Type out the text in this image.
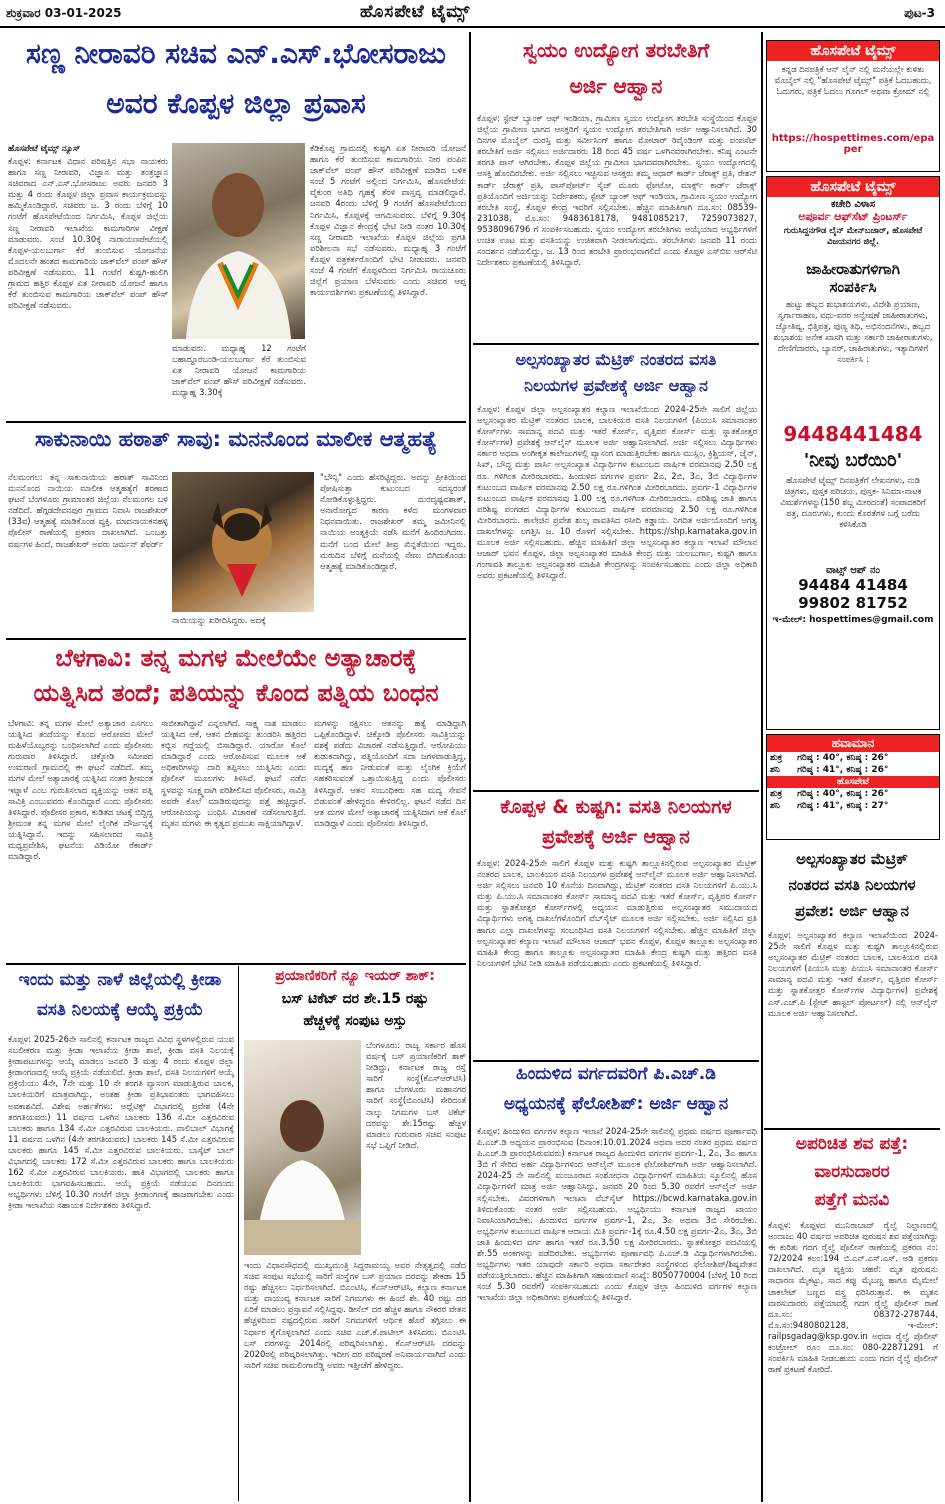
ಶುಕ್ರವಾರ 03-01-2025	ಹೊಸಪೇಟೆ ಟೈಮ್ಸ್	ಪುಟ-3
ಸಣ್ಣ ನೀರಾವರಿ ಸಚಿವ ಎನ್.ಎಸ್.ಭೋಸರಾಜು
ಅವರ ಕೊಪ್ಪಳ ಜಿಲ್ಲಾ ಪ್ರವಾಸ
ಹೊಸಪೇಟೆ ಟೈಮ್ಸ್ ನ್ಯೂಸ್
ಕೊಪ್ಪಳ: ಕರ್ನಾಟಕ ವಿಧಾನ ಪರಿಷತ್ತಿನ ಸಭಾ ನಾಯಕರು ಹಾಗೂ ಸಣ್ಣ ನೀರಾವರಿ, ವಿಜ್ಞಾನ ಮತ್ತು ತಂತ್ರಜ್ಞಾನ ಸಚಿವರಾದ ಎನ್.ಎಸ್.ಭೋಸರಾಜು ಅವರು ಜನವರಿ 3 ಮತ್ತು 4 ರಂದು ಕೊಪ್ಪಳ ಜಿಲ್ಲಾ ಪ್ರವಾಸ ಕಾರ್ಯಕ್ರಮವನ್ನು ಹಮ್ಮಿಕೊಂಡಿದ್ದಾರೆ. ಸಚಿವರು ಜ. 3 ರಂದು ಬೆಳಿಗ್ಗೆ 10 ಗಂಟೆಗೆ ಹೊಸಪೇಟೆಯಿಂದ ನಿರ್ಗಮಿಸಿ, ಕೊಪ್ಪಳ ಜಿಲ್ಲೆಯ ಸಣ್ಣ ನೀರಾವರಿ ಇಲಾಖೆಯ ಕಾಮಗಾರಿಗಳ ವೀಕ್ಷಣೆ ಮಾಡುವರು. ಸಂಜೆ 10.30ಕ್ಕೆ ನಾರಾಯಣಪೇಟೆಯಲ್ಲಿ ಕೊಪ್ಪಳ-ಯಲಬುರ್ಗಾ ಕೆರೆ ತುಂಬಿಸುವ ಯೋಜನೆಯ ಮೊದಲನೇ ಹಂತದ ಕಾಮಗಾರಿಯ ಜಾಕ್‌ವೆಲ್ ಪಂಪ್ ಹೌಸ್ ಪರಿವೀಕ್ಷಣೆ ನಡೆಸುವರು. 11 ಗಂಟೆಗೆ ಕುಷ್ಟಗಿ-ಹುಲಿಗಿ ಗ್ರಾಮದ ಹತ್ತಿರ ಕೊಪ್ಪಳ ಏತ ನೀರಾವರಿ ಯೋಜನೆ ಹಾಗೂ ಕೆರೆ ತುಂಬಿಸುವ ಕಾಮಗಾರಿಯ ಜಾಕ್‌ವೆಲ್ ಪಂಪ್ ಹೌಸ್ ಪರಿವೀಕ್ಷಣೆ ನಡೆಸುವರು.
ಮಾಡುವರು. ಮಧ್ಯಾಹ್ನ 12 ಗಂಟೆಗೆ ಬಹಾದ್ದೂರಬಂಡಿ-ಯಲಬುರ್ಗಾ ಕೆರೆ ತುಂಬಿಸುವ ಏತ ನೀರಾವರಿ ಯೋಜನೆ ಕಾಮಗಾರಿಯ ಜಾಕ್‌ವೆಲ್ ಪಂಪ್ ಹೌಸ್ ಪರಿವೀಕ್ಷಣೆ ನಡೆಸುವರು. ಮಧ್ಯಾಹ್ನ 3.30ಕ್ಕೆ
ಕೆಡಿಕೊಪ್ಪ ಗ್ರಾಮದಲ್ಲಿ ಕುಷ್ಟಗಿ ಏತ ನೀರಾವರಿ ಯೋಜನೆ ಹಾಗೂ ಕೆರೆ ತುಂಬಿಸುವ ಕಾಮಗಾರಿಯ ನೀರ ಪಂಪಿನ ಜಾಕ್‌ವೆಲ್ ಪಂಪ್ ಹೌಸ್ ಪರಿವೀಕ್ಷಣೆ ಮಾಡಿದ ಬಳಿಕ ಸಂಜೆ 5 ಗಂಟೆಗೆ ಅಲ್ಲಿಂದ ನಿರ್ಗಮಿಸಿ, ಹೊಸಪೇಟೆಯ ವೈಕುಂಠ ಅತಿಥಿ ಗೃಹಕ್ಕೆ ತೆರಳಿ ವಾಸ್ತವ್ಯ ಮಾಡಲಿದ್ದಾರೆ. ಜನವರಿ 4ರಂದು ಬೆಳಿಗ್ಗೆ 9 ಗಂಟೆಗೆ ಹೊಸಪೇಟೆಯಿಂದ ನಿರ್ಗಮಿಸಿ, ಕೊಪ್ಪಳಕ್ಕೆ ಆಗಮಿಸುವರು. ಬೆಳಿಗ್ಗೆ 9.30ಕ್ಕೆ ಕೊಪ್ಪಳ ವಿಜ್ಞಾನ ಕೇಂದ್ರಕ್ಕೆ ಭೇಟಿ ನೀಡಿ ನಂತರ 10.30ಕ್ಕೆ ಸಣ್ಣ ನೀರಾವರಿ ಇಲಾಖೆಯ ಕೊಪ್ಪಳ ಜಿಲ್ಲೆಯ ಪ್ರಗತಿ ಪರಿಶೀಲನಾ ಸಭೆ ನಡೆಸುವರು. ಮಧ್ಯಾಹ್ನ 3 ಗಂಟೆಗೆ ಕೊಪ್ಪಳ ಪತ್ರಕರ್ತರೊಂದಿಗೆ ಭೇಟಿ ನೀಡುವರು. ಜನವರಿ ಸಂಜೆ 4 ಗಂಟೆಗೆ ಕೊಪ್ಪಳದಿಂದ ನಿರ್ಗಮಿಸಿ ರಾಯಚೂರು ಜಿಲ್ಲೆಗೆ ಪ್ರಯಾಣ ಬೆಳೆಸುವರು ಎಂದು ಸಚಿವರ ಆಪ್ತ ಕಾರ್ಯದರ್ಶಿಗಳು ಪ್ರಕಟಣೆಯಲ್ಲಿ ತಿಳಿಸಿದ್ದಾರೆ.
ಸಾಕುನಾಯಿ ಹಠಾತ್ ಸಾವು: ಮನನೊಂದ ಮಾಲೀಕ ಆತ್ಮಹತ್ಯೆ
ನೆಲಮಂಗಲ: ತನ್ನ ಸಾಕುನಾಯಿಯ ಹಠಾತ್ ಸಾವಿನಿಂದ ಮನನೊಂದ ನಾಯಿಯ ಮಾಲೀಕ ಆತ್ಮಹತ್ಯೆಗೆ ಶರಣಾದ ಘಟನೆ ಬೆಂಗಳೂರು ಗ್ರಾಮಾಂತರ ಜಿಲ್ಲೆಯ ನೆಲಮಂಗಲ ಬಳಿ ನಡೆದಿದೆ. ಹೆಗ್ಗಡದೇವನಪುರ ಗ್ರಾಮದ ನಿವಾಸಿ ರಾಜಶೇಖರ್ (33ವ) ಆತ್ಮಹತ್ಯೆ ಮಾಡಿಕೊಂಡ ವ್ಯಕ್ತಿ. ಮಾದನಾಯಕನಹಳ್ಳಿ ಪೊಲೀಸ್ ಠಾಣೆಯಲ್ಲಿ ಪ್ರಕರಣ ದಾಖಲಾಗಿದೆ. ಒಂಬತ್ತು ವರ್ಷಗಳ ಹಿಂದೆ, ರಾಜಶೇಖರ್ ಅವರು ಜರ್ಮನ್ ಶೆಫರ್ಡ್
ನಾಯಿಯನ್ನು ಖರೀದಿಸಿದ್ದರು. ಅದಕ್ಕೆ
"ಬೌನ್ಸಿ" ಎಂದು ಹೆಸರಿಟ್ಟಿದ್ದರು. ಅದನ್ನು ಪ್ರೀತಿಯಿಂದ ಪೋಷಿಸುತ್ತಾ ಕುಟುಂಬದ ಸದಸ್ಯರಂತೆ ನೋಡಿಕೊಳ್ಳುತ್ತಿದ್ದರು. ದುರದೃಷ್ಟವಶಾತ್, ಅನಾರೋಗ್ಯದ ಕಾರಣ ಕಳೆದ ಮಂಗಳವಾರ ನಿಧನವಾಯಿತು. ರಾಜಶೇಖರ್ ತಮ್ಮ ಜಮೀನಿನಲ್ಲಿ ನಾಯಿಯ ಅಂತ್ಯಕ್ರಿಯೆ ನಡೆಸಿ ಮನೆಗೆ ಹಿಂದಿರುಗಿದರು. ಮನೆಗೆ ಬಂದ ಮೇಲೆ ತೀವ್ರ ಖಿನ್ನತೆಯಿಂದ ಇದ್ದರು. ಮರುದಿನ ಬೆಳಿಗ್ಗೆ ಮನೆಯಲ್ಲಿ ನೇಣು ಬಿಗಿದುಕೊಂಡು ಆತ್ಮಹತ್ಯೆ ಮಾಡಿಕೊಂಡಿದ್ದಾರೆ.
ಬೆಳಗಾವಿ: ತನ್ನ ಮಗಳ ಮೇಲೆಯೇ ಅತ್ಯಾಚಾರಕ್ಕೆ
ಯತ್ನಿಸಿದ ತಂದೆ; ಪತಿಯನ್ನು ಕೊಂದ ಪತ್ನಿಯ ಬಂಧನ
ಬೆಳಗಾವಿ: ತನ್ನ ಮಗಳ ಮೇಲೆ ಅತ್ಯಾಚಾರ ಎಸಗಲು ಯತ್ನಿಸಿದ ತಂದೆಯನ್ನು ಕೊಂದ ಆರೋಪದ ಮೇಲೆ ಮಹಿಳೆಯೊಬ್ಬರನ್ನು ಬಂಧಿಸಲಾಗಿದೆ ಎಂದು ಪೊಲೀಸರು ಗುರುವಾರ ತಿಳಿಸಿದ್ದಾರೆ. ಚಿಕ್ಕೋಡಿ ಸಮೀಪದ ಉಮರಾಣಿ ಗ್ರಾಮದಲ್ಲಿ ಈ ಘಟನೆ ನಡೆದಿದೆ. ತಮ್ಮ ಮಗಳ ಮೇಲೆ ಅತ್ಯಾಚಾರಕ್ಕೆ ಯತ್ನಿಸಿದ ನಂತರ ಶ್ರೀಮಂತ ಇಟ್ನಾಳೆ ಎಂಬ ಗುರುತಿಸಲಾದ ವ್ಯಕ್ತಿಯನ್ನು ಆತನ ಪತ್ನಿ ಸಾವಿತ್ರಿ ಎಂಬುವವರು ಕೊಂದಿದ್ದಾರೆ ಎಂದು ಪೊಲೀಸರು ತಿಳಿಸಿದ್ದಾರೆ. ಪೊಲೀಸರ ಪ್ರಕಾರ, ಕುಡಿತದ ಚಟಕ್ಕೆ ಬಿದ್ದಿದ್ದ ಶ್ರೀಮಂತ ತನ್ನ ಮಗಳ ಮೇಲೆ ಲೈಂಗಿಕ ದೌರ್ಜನ್ಯಕ್ಕೆ ಯತ್ನಿಸಿದ್ದಾನೆ. ಇದನ್ನು ಸಹಿಸಲಾರದ ಸಾವಿತ್ರಿ ಮಧ್ಯಪ್ರವೇಶಿಸಿ, ಘಟನೆಯ ವಿಡಿಯೋ ರೆಕಾರ್ಡ್ ಮಾಡಿದ್ದಾರೆ.
ಸಾಬೀತಾಗಿದ್ದಾನೆ ಎನ್ನಲಾಗಿದೆ. ಸಾಕ್ಷ್ಯ ನಾಶ ಮಾಡಲು ಯತ್ನಿಸಿದ ಆಕೆ, ಆತನ ದೇಹವನ್ನು ತುಂಡರಿಸಿ ಹತ್ತಿರದ ಕಬ್ಬಿನ ಗದ್ದೆಯಲ್ಲಿ ಬಿಸಾಡಿದ್ದಾರೆ. ಯಾರೋ ಕೊಲೆ ಮಾಡಿದ್ದಾರೆ ಎಂದು ಆರೋಪಿಸುವ ಮೂಲಕ ಅಕೆ ಅಧಿಕಾರಿಗಳನ್ನು ದಾರಿ ತಪ್ಪಿಸಲು ಯತ್ನಿಸಿರು ಎಂದು ಪೊಲೀಸ್ ಮೂಲಗಳು ತಿಳಿಸಿವೆ. ಘಟನೆ ನಡೆದ ಸ್ಥಳವನ್ನು ಸೂಕ್ಷ್ಮವಾಗಿ ಪರಿಶೀಲಿಸಿದ ಪೊಲೀಸರು, ಸಾವಿತ್ರಿ ಅವರೇ ಕೊಲೆ ಮಾಡಿರುವುದನ್ನು ಪತ್ತೆ ಹಚ್ಚಿದ್ದಾರೆ. ಆರೋಪಿಯನ್ನು ಬಂಧಿಸಿ ವಿಚಾರಣೆ ನಡೆಸಲಾಗುತ್ತಿದೆ. ಮೃತನ ಮಗಳು ಈ ಕೃತ್ಯದ ಪ್ರಮುಖ ಸಾಕ್ಷಿಯಾಗಿದ್ದಾಳೆ.
ಮಗಳನ್ನು ರಕ್ಷಿಸಲು ಆತನನ್ನು ಹತ್ಯೆ ಮಾಡಿದ್ದಾಗಿ ಒಪ್ಪಿಕೊಂಡಿದ್ದಾಳೆ. ಚಿಕ್ಕೋಡಿ ಪೊಲೀಸರು ಸಾವಿತ್ರಿಯನ್ನು ವಶಕ್ಕೆ ಪಡೆದು ವಿಚಾರಣೆ ನಡೆಸುತ್ತಿದ್ದಾರೆ. ಆರೋಪಿಯು ಕುಡುಕನಾಗಿದ್ದು, ಪತ್ನಿಯೊಂದಿಗೆ ಸದಾ ಜಗಳವಾಡುತ್ತಿದ್ದ, ಮದ್ಯಕ್ಕೆ ಹಣ ನೀಡುವಂತೆ ಮತ್ತು ಲೈಂಗಿಕ ಕ್ರಿಯೆಗೆ ಸಹಕರಿಸುವಂತೆ ಒತ್ತಾಯಿಸುತ್ತಿದ್ದ ಎಂದು ಪೊಲೀಸರು ತಿಳಿಸಿದ್ದಾರೆ. ಆತನ ಸಂಬಂಧಿಕರು ಸಹ ಮದ್ಯ ಸೇವನೆ ಬಿಡುವಂತೆ ಹೇಳಿದ್ದರೂ ಕೇಳಿರಲಿಲ್ಲ. ಘಟನೆ ನಡೆದ ದಿನ ಆತ ಮಗಳ ಮೇಲೆ ಅತ್ಯಾಚಾರಕ್ಕೆ ಯತ್ನಿಸಿದಾಗ ಆಕೆ ಕೊಲೆ ಮಾಡಿದ್ದಾಳೆ ಎಂದು ಪೊಲೀಸರು ತಿಳಿಸಿದ್ದಾರೆ.
ಇಂದು ಮತ್ತು ನಾಳೆ ಜಿಲ್ಲೆಯಲ್ಲಿ ಕ್ರೀಡಾ
ವಸತಿ ನಿಲಯಕ್ಕೆ ಆಯ್ಕೆ ಪ್ರಕ್ರಿಯೆ
ಕೊಪ್ಪಳ: 2025-26ನೇ ಸಾಲಿನಲ್ಲಿ ಕರ್ನಾಟಕ ರಾಜ್ಯದ ವಿವಿಧ ಸ್ಥಳಗಳಲ್ಲಿರುವ ಯುವ ಸಬಲೀಕರಣ ಮತ್ತು ಕ್ರೀಡಾ ಇಲಾಖೆಯ ಕ್ರೀಡಾ ಶಾಲೆ, ಕ್ರೀಡಾ ವಸತಿ ನಿಲಯಕ್ಕೆ ಕ್ರೀಡಾಪಟುಗಳನ್ನು ಆಯ್ಕೆ ಮಾಡಲು ಜನವರಿ 3 ಮತ್ತು 4 ರಂದು ಕೊಪ್ಪಳ ಜಿಲ್ಲಾ ಕ್ರೀಡಾಂಗಣದಲ್ಲಿ ಆಯ್ಕೆ ಪ್ರಕ್ರಿಯೆ ನಡೆಯಲಿದೆ. ಕ್ರೀಡಾ ಶಾಲೆ, ವಸತಿ ನಿಲಯಗಳಿಗೆ ಆಯ್ಕೆ ಪ್ರಕ್ರಿಯೆಯು 4ನೇ, 7ನೇ ಮತ್ತು 10 ನೇ ತರಗತಿ ವ್ಯಾಸಂಗ ಮಾಡುತ್ತಿರುವ ಬಾಲಕ, ಬಾಲಕಿಯರಿಗೆ ಮಾತ್ರವಾಗಿದ್ದು, ಅಂತಹ ಕ್ರೀಡಾ ಪ್ರತಿಭಾವಂತರು ಭಾಗವಹಿಸಲು ಅವಕಾಶವಿದೆ. ವಿಶೇಷ ಅರ್ಹತೆಗಳು: ಅಥ್ಲೆಟಿಕ್ಸ್ ವಿಭಾಗದಲ್ಲಿ ಪ್ರವೇಶ (4ನೇ ತರಗತಿಯವರು) 11 ವರ್ಷದ ಒಳಗಿನ ಬಾಲಕರು 136 ಸೆ.ಮೀ ಎತ್ತರವಿರುವ ಬಾಲಕರು ಹಾಗೂ 134 ಸೆ.ಮೀ ಎತ್ತರವಿರುವ ಬಾಲಕಿಯರು. ವಾಲಿಬಾಲ್ ವಿಭಾಗಕ್ಕೆ 11 ವರ್ಷದ ಒಳಗಿನ (4ನೇ ತರಗತಿಯವರು) ಬಾಲಕರು 145 ಸೆ.ಮೀ ಎತ್ತರವಿರುವ ಬಾಲಕರು ಹಾಗೂ 145 ಸೆ.ಮೀ ಎತ್ತರವಿರುವ ಬಾಲಕಿಯರು. ಬಾಸ್ಕೆಟ್ ಬಾಲ್ ವಿಭಾಗದಲ್ಲಿ ಬಾಲಕರು 172 ಸೆ.ಮೀ ಎತ್ತರವಿರುವ ಬಾಲಕರು ಹಾಗೂ ಬಾಲಕಿಯರು 162 ಸೆ.ಮೀ ಎತ್ತರವಿರುವ ಬಾಲಕಿಯರು. ಹಾಕಿ ವಿಭಾಗದಲ್ಲಿ ಬಾಲಕರು ಹಾಗೂ ಬಾಲಕಿಯರು ಭಾಗವಹಿಸಬಹುದು. ಆಯ್ಕೆ ಪ್ರಕ್ರಿಯೆ ನಡೆಯುವ ದಿನದಂದು ಅಭ್ಯರ್ಥಿಗಳು ಬೆಳಿಗ್ಗೆ 10.30 ಗಂಟೆಗೆ ಜಿಲ್ಲಾ ಕ್ರೀಡಾಂಗಣಕ್ಕೆ ಹಾಜರಾಗಬೇಕು ಎಂದು ಕ್ರೀಡಾ ಇಲಾಖೆಯ ಸಹಾಯಕ ನಿರ್ದೇಶಕರು ತಿಳಿಸಿದ್ದಾರೆ.
ಪ್ರಯಾಣಿಕರಿಗೆ ನ್ಯೂ ಇಯರ್ ಶಾಕ್:
ಬಸ್ ಟಿಕೆಟ್ ದರ ಶೇ.15 ರಷ್ಟು
ಹೆಚ್ಚಳಕ್ಕೆ ಸಂಪುಟ ಅಸ್ತು
ಬೆಂಗಳೂರು: ರಾಜ್ಯ ಸರ್ಕಾರ ಹೊಸ ವರ್ಷಕ್ಕೆ ಬಸ್ ಪ್ರಯಾಣಿಕರಿಗೆ ಶಾಕ್ ನೀಡಿದ್ದು, ಕರ್ನಾಟಕ ರಾಜ್ಯ ರಸ್ತೆ ಸಾರಿಗೆ ಸಂಸ್ಥೆ(ಕೆಎಸ್‌ಆರ್‌ಟಿಸಿ) ಹಾಗೂ ಬೆಂಗಳೂರು ಮಹಾನಗರ ಸಾರಿಗೆ ಸಂಸ್ಥೆ(ಬಿಎಂಟಿಸಿ) ಸೇರಿದಂತೆ ನಾಲ್ಕು ನಿಗಮಗಳ ಬಸ್ ಟಿಕೆಟ್ ದರವನ್ನು ಶೇ.15ರಷ್ಟು ಹೆಚ್ಚಳ ಮಾಡಲು ಗುರುವಾರ ಸಚಿವ ಸಂಪುಟ ಸಭೆ ಒಪ್ಪಿಗೆ ನೀಡಿದೆ.
ಇಂದು ವಿಧಾನಸೌಧದಲ್ಲಿ ಮುಖ್ಯಮಂತ್ರಿ ಸಿದ್ದರಾಮಯ್ಯ ಅವರ ನೇತೃತ್ವದಲ್ಲಿ ನಡೆದ ಸಚಿವ ಸಂಪುಟ ಸಭೆಯಲ್ಲಿ ಸಾರಿಗೆ ಸಂಸ್ಥೆಗಳ ಬಸ್ ಪ್ರಯಾಣ ದರವನ್ನು ಶೇಕಡಾ 15 ರಷ್ಟು ಹೆಚ್ಚಿಸಲು ನಿರ್ಧರಿಸಲಾಗಿದೆ. ಬಿಎಂಟಿಸಿ, ಕೆಎಸ್‌ಆರ್‌ಟಿಸಿ, ಕಲ್ಯಾಣ ಕರ್ನಾಟಕ ಮತ್ತು ವಾಯುವ್ಯ ಕರ್ನಾಟಕ ಸಾರಿಗೆ ನಿಗಮಗಳು ಈ ಹಿಂದೆ ಶೇ. 40 ರಷ್ಟು ದರ ಏರಿಕೆ ಮಾಡಲು ಪ್ರಸ್ತಾವನೆ ಸಲ್ಲಿಸಿದ್ದವು. ಡೀಸೆಲ್ ದರ ಹೆಚ್ಚಳ ಹಾಗೂ ನೌಕರರ ವೇತನ ಹೆಚ್ಚಳದಿಂದ ನಷ್ಟದಲ್ಲಿರುವ ಸಾರಿಗೆ ನಿಗಮಗಳಿಗೆ ಆರ್ಥಿಕ ಹೊರೆ ತಗ್ಗಿಸಲು ಈ ನಿರ್ಧಾರ ಕೈಗೊಳ್ಳಲಾಗಿದೆ ಎಂದು ಸಚಿವ ಎಚ್.ಕೆ.ಪಾಟೀಲ್ ತಿಳಿಸಿದರು. ಬಿಎಂಟಿಸಿ ಬಸ್ ದರಗಳನ್ನು 2014ರಲ್ಲಿ ಪರಿಷ್ಕರಿಸಲಾಗಿತ್ತು. ಕೆಎಸ್‌ಆರ್‌ಟಿಸಿ ದರವನ್ನು 2020ರಲ್ಲಿ ಪರಿಷ್ಕರಿಸಲಾಗಿತ್ತು. ಇದೀಗ ದರ ಪರಿಷ್ಕರಣೆ ಅನಿವಾರ್ಯವಾಗಿದೆ ಎಂದು ಸಾರಿಗೆ ಸಚಿವ ರಾಮಲಿಂಗಾರೆಡ್ಡಿ ಅವರು ಇತ್ತೀಚೆಗೆ ಹೇಳಿದ್ದರು.
ಸ್ವಯಂ ಉದ್ಯೋಗ ತರಬೇತಿಗೆ
ಅರ್ಜಿ ಆಹ್ವಾನ
ಕೊಪ್ಪಳ: ಸ್ಟೇಟ್ ಬ್ಯಾಂಕ್ ಆಫ್ ಇಂಡಿಯಾ, ಗ್ರಾಮೀಣ ಸ್ವಯಂ ಉದ್ಯೋಗ ತರಬೇತಿ ಸಂಸ್ಥೆಯಿಂದ ಕೊಪ್ಪಳ ಜಿಲ್ಲೆಯ ಗ್ರಾಮೀಣ ಭಾಗದ ಆಸಕ್ತರಿಗೆ ಸ್ವಯಂ ಉದ್ಯೋಗ ತರಬೇತಿಗಾಗಿ ಅರ್ಜಿ ಆಹ್ವಾನಿಸಲಾಗಿದೆ. 30 ದಿನಗಳ ಮೊಬೈಲ್ ದುರಸ್ತಿ ಮತ್ತು ಸರ್ವೀಸಿಂಗ್ ಹಾಗೂ ಮೋಟಾರ್ ರಿವೈಂಡಿಂಗ್ ಮತ್ತು ಪಂಪಸೆಟ್ ತರಬೇತಿಗೆ ಅರ್ಜಿ ಸಲ್ಲಿಸಲು ಅರ್ಜಿದಾರರು 18 ರಿಂದ 45 ವರ್ಷ ಒಳಗಿನವರಾಗಿರಬೇಕು. ಕನಿಷ್ಠ ಎಂಟನೇ ತರಗತಿ ಪಾಸ್ ಆಗಿರಬೇಕು. ಕೊಪ್ಪಳ ಜಿಲ್ಲೆಯ ಗ್ರಾಮೀಣ ಭಾಗದವರಾಗಿರಬೇಕು. ಸ್ವಯಂ ಉದ್ಯೋಗದಲ್ಲಿ ಆಸಕ್ತಿ ಹೊಂದಿರಬೇಕು. ಅರ್ಜಿ ಸಲ್ಲಿಸಲು ಇಚ್ಛಿಸುವ ಆಸಕ್ತರು ತಮ್ಮ ಆಧಾರ್ ಕಾರ್ಡ್ ಜೆರಾಕ್ಸ್ ಪ್ರತಿ, ರೇಶನ್ ಕಾರ್ಡ್ ಜೆರಾಕ್ಸ್ ಪ್ರತಿ, ಪಾಸ್‌ಪೋರ್ಟ್ ಸೈಜ್ ಮೂರು ಫೋಟೋ, ಮಾರ್ಕ್ಸ್ ಕಾರ್ಡ್ ಜೆರಾಕ್ಸ್ ಪ್ರತಿಯೊಂದಿಗೆ ಅರ್ಜಿಯನ್ನು ನಿರ್ದೇಶಕರು, ಸ್ಟೇಟ್ ಬ್ಯಾಂಕ್ ಆಫ್ ಇಂಡಿಯಾ, ಗ್ರಾಮೀಣ ಸ್ವಯಂ ಉದ್ಯೋಗ ತರಬೇತಿ ಸಂಸ್ಥೆ, ಕೊಪ್ಪಳ ಕೇಂದ್ರ ಇವರಿಗೆ ಸಲ್ಲಿಸಬೇಕು. ಹೆಚ್ಚಿನ ಮಾಹಿತಿಗಾಗಿ ದೂ.ಸಂ: 08539-231038, ಮೊ.ಸಂ: 9483618178, 9481085217, 7259073827, 9538096796 ಗೆ ಸಂಪರ್ಕಿಸಬಹುದು. ಸ್ವಯಂ ಉದ್ಯೋಗ ತರಬೇತಿಗಳು ಅಯ್ಕೆಯಾದ ಅಭ್ಯರ್ಥಿಗಳಿಗೆ ಉಚಿತ ಊಟ ಮತ್ತು ವಸತಿಯನ್ನು ಉಚಿತವಾಗಿ ನೀಡಲಾಗುವುದು. ತರಬೇತಿಗಳು ಜನವರಿ 11 ರಂದು ಸಂದರ್ಶನ ನಡೆಯಲಿದ್ದು, ಜ. 13 ರಿಂದ ತರಬೇತಿ ಪ್ರಾರಂಭವಾಗಲಿದೆ ಎಂದು ಕೊಪ್ಪಳ ಎಸ್‌ಬಿಐ ಆರ್‌ಸೆಟಿ ನಿರ್ದೇಶಕರು ಪ್ರಕಟಣೆಯಲ್ಲಿ ತಿಳಿಸಿದ್ದಾರೆ.
ಅಲ್ಪಸಂಖ್ಯಾತರ ಮೆಟ್ರಿಕ್ ನಂತರದ ವಸತಿ
ನಿಲಯಗಳ ಪ್ರವೇಶಕ್ಕೆ ಅರ್ಜಿ ಆಹ್ವಾನ
ಕೊಪ್ಪಳ: ಕೊಪ್ಪಳ ಜಿಲ್ಲಾ ಅಲ್ಪಸಂಖ್ಯಾತರ ಕಲ್ಯಾಣ ಇಲಾಖೆಯಿಂದ 2024-25ನೇ ಸಾಲಿಗೆ ಜಿಲ್ಲೆಯ ಅಲ್ಪಸಂಖ್ಯಾತರ ಮೆಟ್ರಿಕ್ ನಂತರದ ಬಾಲಕ, ಬಾಲಕಿಯರ ವಸತಿ ನಿಲಯಗಳಿಗೆ (ಪಿಯುಸಿ ಸಮಾನಾಂತರ ಕೋರ್ಸ್‌ಗಳು ಸಾಮಾನ್ಯ ಪದವಿ ಮತ್ತು ಇತರೆ ಕೋರ್ಸ್, ವೃತ್ತಿಪರ ಕೋರ್ಸ್ ಮತ್ತು ಸ್ನಾತಕೋತ್ತರ ಕೋರ್ಸ್‌ಗಳ) ಪ್ರವೇಶಕ್ಕೆ ಆನ್‌ಲೈನ್ ಮೂಲಕ ಅರ್ಜಿ ಆಹ್ವಾನಿಸಲಾಗಿದೆ. ಅರ್ಜಿ ಸಲ್ಲಿಸಲು ವಿದ್ಯಾರ್ಥಿಗಳು ಸರ್ಕಾರ ಅಥವಾ ಅಂಗೀಕೃತ ಕಾಲೇಜುಗಳಲ್ಲಿ ವ್ಯಾಸಂಗ ಮಾಡುತ್ತಿರಬೇಕು ಹಾಗೂ ಮುಸ್ಲಿಂ, ಕ್ರಿಶ್ಚಿಯನ್, ಜೈನ್, ಸಿಖ್, ಬೌದ್ಧ ಮತ್ತು ಪಾರ್ಸಿ ಅಲ್ಪಸಂಖ್ಯಾತ ವಿದ್ಯಾರ್ಥಿಗಳ ಕುಟುಂಬದ ವಾರ್ಷಿಕ ವರಮಾನವು 2.50 ಲಕ್ಷ ರೂ. ಗಳಿಗಿಂತ ಮೀರಿರಬಾರದು. ಹಿಂದುಳಿದ ವರ್ಗಗಳ ಪ್ರವರ್ಗ 2ಎ, 2ಬಿ, 3ಎ, 3ಬಿ ವಿದ್ಯಾರ್ಥಿಗಳ ಕುಟುಂಬದ ವಾರ್ಷಿಕ ವರಮಾನವು 2.50 ಲಕ್ಷ ರೂ.ಗಳಿಗಿಂತ ಮೀರಿರಬಾರದು. ಪ್ರವರ್ಗ-1 ವಿದ್ಯಾರ್ಥಿಗಳ ಕುಟುಂಬದ ವಾರ್ಷಿಕ ವರಮಾನವು 1.00 ಲಕ್ಷ ರೂ.ಗಳಿಗಿಂತ ಮೀರಿರಬಾರದು. ಪರಿಶಿಷ್ಟ ಜಾತಿ ಹಾಗೂ ಪರಿಶಿಷ್ಟ ಪಂಗಡದ ವಿದ್ಯಾರ್ಥಿಗಳ ಕುಟುಂಬದ ವಾರ್ಷಿಕ ವರಮಾನವು 2.50 ಲಕ್ಷ ರೂ.ಗಳಿಗಿಂತ ಮೀರಿರಬಾರದು. ಕಾಲೇಜಿನ ಪ್ರವೇಶ ಶುಲ್ಕ ಪಾವತಿಸಿದ ರಸೀದಿ ಕಡ್ಡಾಯ. ನಿಗದಿತ ಅರ್ಜಿಯೊಂದಿಗೆ ಅಗತ್ಯ ದಾಖಲೆಗಳನ್ನು ಲಗತ್ತಿಸಿ ಜ. 10 ರೊಳಗೆ ಸಲ್ಲಿಸಬೇಕು. https://shp.karnataka.gov.in ಮೂಲಕ ಅರ್ಜಿ ಸಲ್ಲಿಸಬಹುದು. ಹೆಚ್ಚಿನ ಮಾಹಿತಿಗೆ ಜಿಲ್ಲಾ ಅಲ್ಪಸಂಖ್ಯಾತರ ಕಲ್ಯಾಣ ಇಲಾಖೆ ಮೌಲಾನ ಆಜಾದ್ ಭವನ ಕೊಪ್ಪಳ, ಜಿಲ್ಲಾ ಅಲ್ಪಸಂಖ್ಯಾತರ ಮಾಹಿತಿ ಕೇಂದ್ರ ಮತ್ತು ಯಲಬುರ್ಗಾ, ಕುಷ್ಟಗಿ ಹಾಗೂ ಗಂಗಾವತಿ ತಾಲ್ಲೂಕು ಅಲ್ಪಸಂಖ್ಯಾತರ ಮಾಹಿತಿ ಕೇಂದ್ರಗಳನ್ನು ಸಂಪರ್ಕಿಸಬಹುದು ಎಂದು ಜಿಲ್ಲಾ ಅಧಿಕಾರಿ ಅವರು ಪ್ರಕಟಣೆಯಲ್ಲಿ ತಿಳಿಸಿದ್ದಾರೆ.
ಕೊಪ್ಪಳ & ಕುಷ್ಟಗಿ: ವಸತಿ ನಿಲಯಗಳ
ಪ್ರವೇಶಕ್ಕೆ ಅರ್ಜಿ ಆಹ್ವಾನ
ಕೊಪ್ಪಳ: 2024-25ನೇ ಸಾಲಿಗೆ ಕೊಪ್ಪಳ ಮತ್ತು ಕುಷ್ಟಗಿ ತಾಲ್ಲೂಕಿನಲ್ಲಿರುವ ಅಲ್ಪಸಂಖ್ಯಾತರ ಮೆಟ್ರಿಕ್ ನಂತರದ ಬಾಲಕ, ಬಾಲಕಿಯರ ವಸತಿ ನಿಲಯಗಳ ಪ್ರವೇಶಕ್ಕೆ ಆನ್‌ಲೈನ್ ಮೂಲಕ ಅರ್ಜಿ ಆಹ್ವಾನಿಸಲಾಗಿದೆ. ಅರ್ಜಿ ಸಲ್ಲಿಸಲು ಜನವರಿ 10 ಕೊನೆಯ ದಿನವಾಗಿದ್ದು, ಮೆಟ್ರಿಕ್ ನಂತರದ ವಸತಿ ನಿಲಯಗಳಿಗೆ ಪಿ.ಯು.ಸಿ ಮತ್ತು ಪಿ.ಯು.ಸಿ ಸಮಾನಾಂತರ ಕೋರ್ಸ್ ಸಾಮಾನ್ಯ ಪದವಿ ಮತ್ತು ಇತರೆ ಕೋರ್ಸ್, ವೃತ್ತಿಪರ ಕೋರ್ಸ್ ಮತ್ತು ಸ್ನಾತಕೋತ್ತರ ಕೋರ್ಸ್‌ಗಳಲ್ಲಿ ಅಧ್ಯಯನ ಮಾಡುತ್ತಿರುವ ಅಲ್ಪಸಂಖ್ಯಾತರ ಸಮುದಾಯದ ವಿದ್ಯಾರ್ಥಿಗಳು ಅಗತ್ಯ ದಾಖಲೆಗಳೊಂದಿಗೆ ವೆಬ್‌ಸೈಟ್ ಮೂಲಕ ಅರ್ಜಿ ಸಲ್ಲಿಸಬೇಕು. ಅರ್ಜಿ ಸಲ್ಲಿಸಿದ ಪ್ರತಿ ಹಾಗೂ ಎಲ್ಲಾ ದಾಖಲೆಗಳನ್ನು ಸಂಬಂಧಿಸಿದ ವಸತಿ ನಿಲಯಗಳಿಗೆ ಸಲ್ಲಿಸಬೇಕು. ಹೆಚ್ಚಿನ ಮಾಹಿತಿಗೆ ಜಿಲ್ಲಾ ಅಲ್ಪಸಂಖ್ಯಾತರ ಕಲ್ಯಾಣ ಇಲಾಖೆ ಮೌಲಾನ ಆಜಾದ್ ಭವನ ಕೊಪ್ಪಳ, ಕೊಪ್ಪಳ ತಾಲ್ಲೂಕು ಅಲ್ಪಸಂಖ್ಯಾತರ ಮಾಹಿತಿ ಕೇಂದ್ರ ಹಾಗೂ ತಾಲ್ಲೂಕು ಅಲ್ಪಸಂಖ್ಯಾತರ ಮಾಹಿತಿ ಕೇಂದ್ರ ಕುಷ್ಟಗಿ ಮತ್ತು ಹತ್ತಿರದ ವಸತಿ ನಿಲಯಗಳಿಗೆ ಭೇಟಿ ನೀಡಿ ಮಾಹಿತಿ ಪಡೆಯಬಹುದು ಎಂದು ಪ್ರಕಟಣೆಯಲ್ಲಿ ತಿಳಿಸಿದ್ದಾರೆ.
ಹಿಂದುಳಿದ ವರ್ಗದವರಿಗೆ ಪಿ.ಎಚ್.ಡಿ
ಅಧ್ಯಯನಕ್ಕೆ ಫೆಲೋಶಿಪ್: ಅರ್ಜಿ ಆಹ್ವಾನ
ಕೊಪ್ಪಳ: ಹಿಂದುಳಿದ ವರ್ಗಗಳ ಕಲ್ಯಾಣ ಇಲಾಖೆ 2024-25ನೇ ಸಾಲಿನಲ್ಲಿ ಪ್ರಥಮ ವರ್ಷದ ಪೂರ್ಣಾವಧಿ ಪಿ.ಎಚ್.ಡಿ ಅಧ್ಯಯನ ಪ್ರಾರಂಭಿಸುವ (ದಿನಾಂಕ:10.01.2024 ಅಥವಾ ಅದರ ನಂತರ ಪ್ರಥಮ ವರ್ಷದ ಪಿ.ಎಚ್.ಡಿ ಪ್ರಾರಂಭಿಸಿರುವವರು) ಕರ್ನಾಟಕ ರಾಜ್ಯದ ಹಿಂದುಳಿದ ವರ್ಗಗಳ ಪ್ರವರ್ಗ-1, 2ಎ, 3ಎ ಹಾಗೂ 3ಬಿ ಗೆ ಸೇರಿದ ಅರ್ಹ ವಿದ್ಯಾರ್ಥಿಗಳಿಂದ ಆನ್‌ಲೈನ್ ಮೂಲಕ ಫೆಲೋಶಿಪ್‌ಗಾಗಿ ಅರ್ಜಿ ಆಹ್ವಾನಿಸಲಾಗಿದೆ. 2024-25 ನೇ ಸಾಲಿನಲ್ಲಿ ಮಂಜೂರಾದ ಸಂಶೋಧನಾ ವಿದ್ಯಾರ್ಥಿಗಳಿಗೆ ಮಾಹಿತಿಯ ಸ್ಕೂಲಿನಲ್ಲಿ ಹೊಸ ವಿದ್ಯಾರ್ಥಿಗಳಿಗೆ ಮಾತ್ರ ಅರ್ಜಿ ಆಹ್ವಾನಿಸಿದ್ದು, ಜನವರಿ 20 ರಿಂದ 5.30 ರವರೆಗೆ ಆನ್‌ಲೈನ್ ಅರ್ಜಿ ಸಲ್ಲಿಸಬೇಕು. ವಿವರಗಳಿಗಾಗಿ ಇಲಾಖಾ ವೆಬ್‌ಸೈಟ್ https://bcwd.karnataka.gov.in ತಿಳಿದುಕೊಂಡು ನಂತರ ಅರ್ಜಿ ಸಲ್ಲಿಸಬಹುದು. ಅಭ್ಯರ್ಥಿಯು ಕರ್ನಾಟಕ ರಾಜ್ಯದ ಖಾಯಂ ನಿವಾಸಿಯಾಗಿರಬೇಕು. ಹಿಂದುಳಿದ ವರ್ಗಗಳ ಪ್ರವರ್ಗ-1, 2ಎ, 3ಎ ಅಥವಾ 3ಬಿ ಸೇರಿರಬೇಕು. ಅಭ್ಯರ್ಥಿಗಳ ಕುಟುಂಬದ ವಾರ್ಷಿಕ ಆದಾಯ ಮಿತಿ ಪ್ರವರ್ಗ-1ಕ್ಕೆ ರೂ.4.50 ಲಕ್ಷ ಪ್ರವರ್ಗ-2ಎ, 3ಎ, 3ಬಿ ಜಾತಿ ಹಿಂದುಳಿದ ವರ್ಗ ಹಾಗೂ ಇತರೆ ರೂ.3.50 ಲಕ್ಷ ಮೀರಿರಬಾರದು. ಸ್ನಾತಕೋತ್ತರ ಪದವಿಯಲ್ಲಿ ಶೇ.55 ಅಂಕಗಳನ್ನು ಪಡೆದಿರಬೇಕು. ಅಭ್ಯರ್ಥಿಗಳು ಪೂರ್ಣಾವಧಿ ಪಿ.ಎಚ್.ಡಿ ವಿದ್ಯಾರ್ಥಿಗಳಾಗಿರಬೇಕು. ಅಭ್ಯರ್ಥಿಗಳು ಇತರ ಯಾವುದೇ ಸರ್ಕಾರಿ ಅಥವಾ ಸರ್ಕಾರೇತರ ಸಂಸ್ಥೆಗಳಿಂದ ಫೆಲೋಶಿಪ್/ಶಿಷ್ಯವೇತನ ಪಡೆಯುತ್ತಿರಬಾರದು. ಹೆಚ್ಚಿನ ಮಾಹಿತಿಗಾಗಿ ಸಹಾಯವಾಣಿ ಸಂಖ್ಯೆ: 8050770004 (ಬೆಳಿಗ್ಗೆ 10 ರಿಂದ ಸಂಜೆ 5.30 ರವರೆಗೆ) ಸಂಪರ್ಕಿಸಬಹುದು ಎಂದು ಕೊಪ್ಪಳ ಜಿಲ್ಲಾ ಹಿಂದುಳಿದ ವರ್ಗಗಳ ಕಲ್ಯಾಣ ಇಲಾಖೆಯ ಜಿಲ್ಲಾ ಅಧಿಕಾರಿಗಳು ಪ್ರಕಟಣೆಯಲ್ಲಿ ತಿಳಿಸಿದ್ದಾರೆ.
ಹೊಸಪೇಟೆ ಟೈಮ್ಸ್
ಕನ್ನಡ ದಿನಪತ್ರಿಕೆ ಆನ್ ಲೈನ್ ನಲ್ಲಿ ಮನೆಯಲ್ಲೇ ಕುಳಿತು ಮೊಬೈಲ್ ನಲ್ಲಿ "ಹೊಸಪೇಟೆ ಟೈಮ್ಸ್" ಪತ್ರಿಕೆ ಓದಬಹುದು, ಓದುಗರು, ಪತ್ರಿಕೆ ಓದಲು ಗೂಗಲ್ ಅಥವಾ ಕ್ರೋಮ್ ನಲ್ಲಿ
https://hospettimes.com/epaper
ಹೊಸಪೇಟೆ ಟೈಮ್ಸ್
ಕಚೇರಿ ವಿಳಾಸ
ಅಪೂರ್ವ ಆಫ್‌ಸೆಟ್ ಪ್ರಿಂಟರ್ಸ್
ಗುರುಸಿದ್ದನಗೌಡ ಲೈನ್ ಮೇನ್‌ಬಜಾರ್, ಹೊಸಪೇಟೆ ವಿಜಯನಗರ ಜಿಲ್ಲೆ.
ಜಾಹೀರಾತುಗಳಿಗಾಗಿ
ಸಂಪರ್ಕಿಸಿ
ಹುಟ್ಟು ಹಬ್ಬದ ಶುಭಾಶಯಗಳು, ವಿದೇಶಿ ಪ್ರಯಾಣ, ಸ್ವರ್ಗಾರಾಹಣ, ವಧು-ವರರ ಅನ್ವೇಷಣೆ ಜಾಹೀರಾತುಗಳು, ಜ್ಯೋತಿಷ್ಯ, ಭಿತ್ತಿಪತ್ರ, ಪುಣ್ಯ ತಿಥಿ, ಅಭಿನಂದನೆಗಳು, ಹಬ್ಬದ ಶುಭಾಶಯ ಅನೇಕ ಖಾಸಗಿ ಮತ್ತು ಸರ್ಕಾರಿ ಜಾಹೀರಾತುಗಳು, ದೇಣಿಗೆದಾರರು, ಬ್ಯಾನರ್, ಜಾಹಿರಾತುಗಳು, ಇತ್ಯಾದಿಗಳಿಗೆ ಸಂಪರ್ಕಿಸಿ :
9448441484
'ನೀವು ಬರೆಯಿರಿ'
ಹೊಸಪೇಟೆ ಟೈಮ್ಸ್ ದಿನಪತ್ರಿಕೆಗೆ ಲೇಖನಗಳು, ನುಡಿ ಚಿತ್ರಗಳು, ಪುಸ್ತಕ ಪರಿಚಯ, ಪುಸ್ತಕ- ಸಿನಿಮಾ-ನಾಟಕ ವಿಮರ್ಶೆಗಳನ್ನು(150 ಶಬ್ದ ಮೀರದಂತೆ) ಸಂಪಾದಕರಿಗೆ ಪತ್ರ, ದೂರುಗಳು, ಕುಂದು ಕೊರತೆಗಳ ಬಗ್ಗೆ ಬರೆದು ಕಳಿಸಿಕೊಡಿ
ವಾಟ್ಸ್ ಆಪ್ ನಂ
94484 41484
99802 81752
ಇ-ಮೇಲ್: hospettimes@gmail.com
ಹವಾಮಾನ
ಶುಕ್ರ	ಗರಿಷ್ಠ : 40°, ಕನಿಷ್ಠ : 26°
ಶನಿ	ಗರಿಷ್ಠ : 41°, ಕನಿಷ್ಠ : 26°
ಹೊಸಪೇಟೆ
ಶುಕ್ರ	ಗರಿಷ್ಠ : 40°, ಕನಿಷ್ಠ : 26°
ಶನಿ	ಗರಿಷ್ಠ : 41°, ಕನಿಷ್ಠ : 27°
ಅಲ್ಪಸಂಖ್ಯಾತರ ಮೆಟ್ರಿಕ್
ನಂತರದ ವಸತಿ ನಿಲಯಗಳ
ಪ್ರವೇಶ: ಅರ್ಜಿ ಆಹ್ವಾನ
ಕೊಪ್ಪಳ: ಅಲ್ಪಸಂಖ್ಯಾತರ ಕಲ್ಯಾಣ ಇಲಾಖೆಯಿಂದ 2024-25ನೇ ಸಾಲಿಗೆ ಕೊಪ್ಪಳ ಮತ್ತು ಕುಷ್ಟಗಿ ತಾಲ್ಲೂಕಿನಲ್ಲಿರುವ ಅಲ್ಪಸಂಖ್ಯಾತರ ಮೆಟ್ರಿಕ್ ನಂತರದ ಬಾಲಕ, ಬಾಲಕಿಯರ ವಸತಿ ನಿಲಯಗಳಿಗೆ (ಪಿಯುಸಿ ಮತ್ತು ಪಿಯುಸಿ ಸಮಾನಾಂತರ ಕೋರ್ಸ್ ಸಾಮಾನ್ಯ ಪದವಿ ಮತ್ತು ಇತರೆ ಕೋರ್ಸ್, ವೃತ್ತಿಪರ ಕೋರ್ಸ್ ಮತ್ತು ಸ್ನಾತಕೋತ್ತರ ಕೋರ್ಸ್‌ಗಳ ವಿದ್ಯಾರ್ಥಿಗಳ) ಪ್ರವೇಶಕ್ಕೆ ಎಸ್.ಎಚ್.ಪಿ (ಸ್ಟೇಟ್ ಹಾಸ್ಟಲ್ ಪೋರ್ಟಲ್) ನಲ್ಲಿ ಆನ್‌ಲೈನ್ ಮೂಲಕ ಅರ್ಜಿ ಆಹ್ವಾನಿಸಲಾಗಿದೆ.
ಅಪರಿಚಿತ ಶವ ಪತ್ತೆ:
ವಾರಸುದಾರರ
ಪತ್ತೆಗೆ ಮನವಿ
ಕೊಪ್ಪಳ: ಕೊಪ್ಪಳದ ಮುನಿರಾಬಾದ್ ರೈಲ್ವೆ ನಿಲ್ದಾಣದಲ್ಲಿ ಅಂದಾಜು 40 ವರ್ಷದ ಅಪರಿಚಿತ ಪುರುಷನ ಶವ ಪತ್ತೆಯಾಗಿದ್ದು ಈ ಕುರಿತು ಗದಗ ರೈಲ್ವೆ ಪೊಲೀಸ್ ಠಾಣೆಯಲ್ಲಿ ಪ್ರಕರಣ ನಂ: 72/2024 ಕಲಂ:194 ಬಿ.ಎನ್.ಎಸ್.ಎಸ್. ಅಡಿ ಪ್ರಕರಣ ದಾಖಲಾಗಿದೆ. ಮೃತ ವ್ಯಕ್ತಿಯ ಚಹರೆ: ಮೃತ ಪುರುಷನು ಸಾಧಾರಣ ಮೈಕಟ್ಟು, ಸಾದ ಕಪ್ಪು ಮೈಬಣ್ಣ ಹಾಗೂ ಮೈಮೇಲೆ ಚಾಕಲೇಟ್ ಬಣ್ಣದ ವಸ್ತ್ರ ಧರಿಸಿರುತ್ತಾನೆ. ಈ ಮೃತನ ವಾರಸುದಾರರು ಪತ್ತೆಯಾದಲ್ಲಿ ಗದಗ ರೈಲ್ವೆ ಪೊಲೀಸ್ ಠಾಣೆ ದೂ.ಸಂ: 08372-278744, ಮೊ.ಸಂ:9480802128, ಇ-ಮೇಲ್: railpsgadag@ksp.gov.in ಅಥವಾ ರೈಲ್ವೆ ಪೊಲೀಸ್ ಕಂಟ್ರೋಲ್ ರೂಂ ದೂ.ಸಂ: 080-22871291 ಗೆ ಸಂಪರ್ಕಿಸಿ ಮಾಹಿತಿ ನೀಡಬಹುದು ಎಂದು ಗದಗ ರೈಲ್ವೆ ಪೊಲೀಸ್ ಠಾಣೆ ಪ್ರಕಟಣೆ ಕೋರಿದೆ.
